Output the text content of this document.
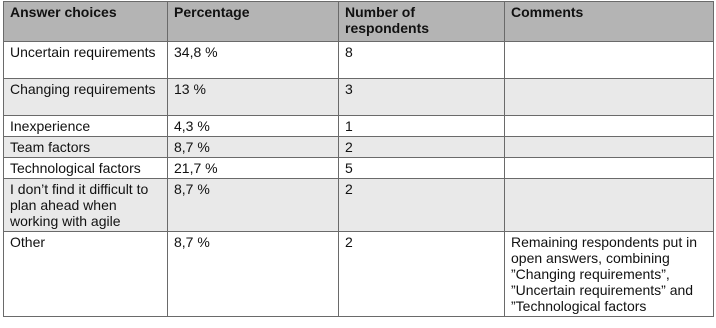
Answer choices	Percentage	Number of respondents	Comments
Uncertain requirements	34,8 %	8	
Changing requirements	13 %	3	
Inexperience	4,3 %	1	
Team factors	8,7 %	2	
Technological factors	21,7 %	5	
I don’t find it difficult to plan ahead when working with agile	8,7 %	2	
Other	8,7 %	2	Remaining respondents put in open answers, combining ”Changing requirements”, ”Uncertain requirements” and ”Technological factors
